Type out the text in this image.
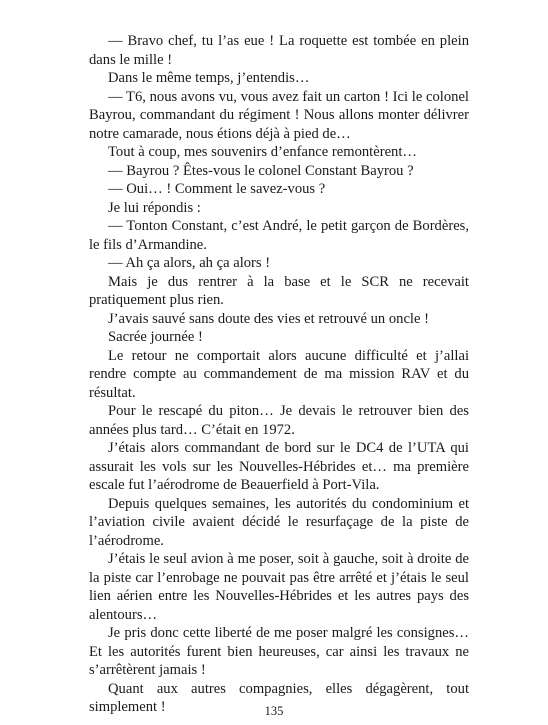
— Bravo chef, tu l’as eue ! La roquette est tombée en plein dans le mille !

Dans le même temps, j’entendis…

— T6, nous avons vu, vous avez fait un carton ! Ici le colonel Bayrou, commandant du régiment ! Nous allons monter délivrer notre camarade, nous étions déjà à pied de…

Tout à coup, mes souvenirs d’enfance remontèrent…

— Bayrou ? Êtes-vous le colonel Constant Bayrou ?

— Oui… ! Comment le savez-vous ?

Je lui répondis :

— Tonton Constant, c’est André, le petit garçon de Bordères, le fils d’Armandine.

— Ah ça alors, ah ça alors !

Mais je dus rentrer à la base et le SCR ne recevait pratiquement plus rien.

J’avais sauvé sans doute des vies et retrouvé un oncle !

Sacrée journée !

Le retour ne comportait alors aucune difficulté et j’allai rendre compte au commandement de ma mission RAV et du résultat.

Pour le rescapé du piton… Je devais le retrouver bien des années plus tard… C’était en 1972.

J’étais alors commandant de bord sur le DC4 de l’UTA qui assurait les vols sur les Nouvelles-Hébrides et… ma première escale fut l’aérodrome de Beauerfield à Port-Vila.

Depuis quelques semaines, les autorités du condominium et l’aviation civile avaient décidé le resurfaçage de la piste de l’aérodrome.

J’étais le seul avion à me poser, soit à gauche, soit à droite de la piste car l’enrobage ne pouvait pas être arrêté et j’étais le seul lien aérien entre les Nouvelles-Hébrides et les autres pays des alentours…

Je pris donc cette liberté de me poser malgré les consignes… Et les autorités furent bien heureuses, car ainsi les travaux ne s’arrêtèrent jamais !

Quant aux autres compagnies, elles dégagèrent, tout simplement !	135
